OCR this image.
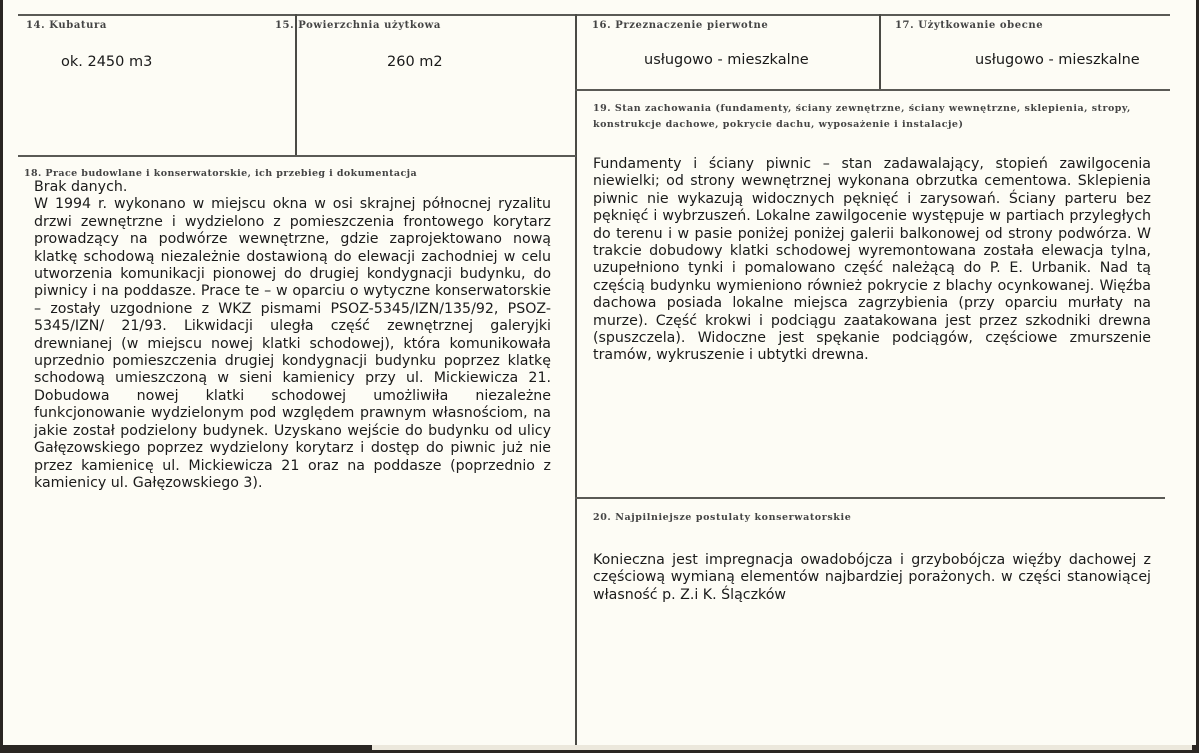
14. Kubatura
ok. 2450 m3
15. Powierzchnia użytkowa
260 m2
16. Przeznaczenie pierwotne
usługowo - mieszkalne
17. Użytkowanie obecne
usługowo - mieszkalne
18. Prace budowlane i konserwatorskie, ich przebieg i dokumentacja

Brak danych.

W 1994 r. wykonano w miejscu okna w osi skrajnej północnej ryzalitu drzwi zewnętrzne i wydzielono z pomieszczenia frontowego korytarz prowadzący na podwórze wewnętrzne, gdzie zaprojektowano nową klatkę schodową niezależnie dostawioną do elewacji zachodniej w celu utworzenia komunikacji pionowej do drugiej kondygnacji budynku, do piwnicy i na poddasze. Prace te – w oparciu o wytyczne konserwatorskie – zostały uzgodnione z WKZ pismami PSOZ-5345/IZN/135/92, PSOZ- 5345/IZN/ 21/93. Likwidacji uległa część zewnętrznej galeryjki drewnianej (w miejscu nowej klatki schodowej), która komunikowała uprzednio pomieszczenia drugiej kondygnacji budynku poprzez klatkę schodową umieszczoną w sieni kamienicy przy ul. Mickiewicza 21. Dobudowa nowej klatki schodowej umożliwiła niezależne funkcjonowanie wydzielonym pod względem prawnym własnościom, na jakie został podzielony budynek. Uzyskano wejście do budynku od ulicy Gałęzowskiego poprzez wydzielony korytarz i dostęp do piwnic już nie przez kamienicę ul. Mickiewicza 21 oraz na poddasze (poprzednio z kamienicy ul. Gałęzowskiego 3).

19. Stan zachowania (fundamenty, ściany zewnętrzne, ściany wewnętrzne, sklepienia, stropy, konstrukcje dachowe, pokrycie dachu, wyposażenie i instalacje)
Fundamenty i ściany piwnic – stan zadawalający, stopień zawilgocenia niewielki; od strony wewnętrznej wykonana obrzutka cementowa. Sklepienia piwnic nie wykazują widocznych pęknięć i zarysowań. Ściany parteru bez pęknięć i wybrzuszeń. Lokalne zawilgocenie występuje w partiach przyległych do terenu i w pasie poniżej poniżej galerii balkonowej od strony podwórza. W trakcie dobudowy klatki schodowej wyremontowana została elewacja tylna, uzupełniono tynki i pomalowano część należącą do P. E. Urbanik. Nad tą częścią budynku wymieniono również pokrycie z blachy ocynkowanej. Więźba dachowa posiada lokalne miejsca zagrzybienia (przy oparciu murłaty na murze). Część krokwi i podciągu zaatakowana jest przez szkodniki drewna (spuszczela). Widoczne jest spękanie podciągów, częściowe zmurszenie tramów, wykruszenie i ubtytki drewna.
20. Najpilniejsze postulaty konserwatorskie
Konieczna jest impregnacja owadobójcza i grzybobójcza więźby dachowej z częściową wymianą elementów najbardziej porażonych. w części stanowiącej własność p. Z.i K. Ślączków
